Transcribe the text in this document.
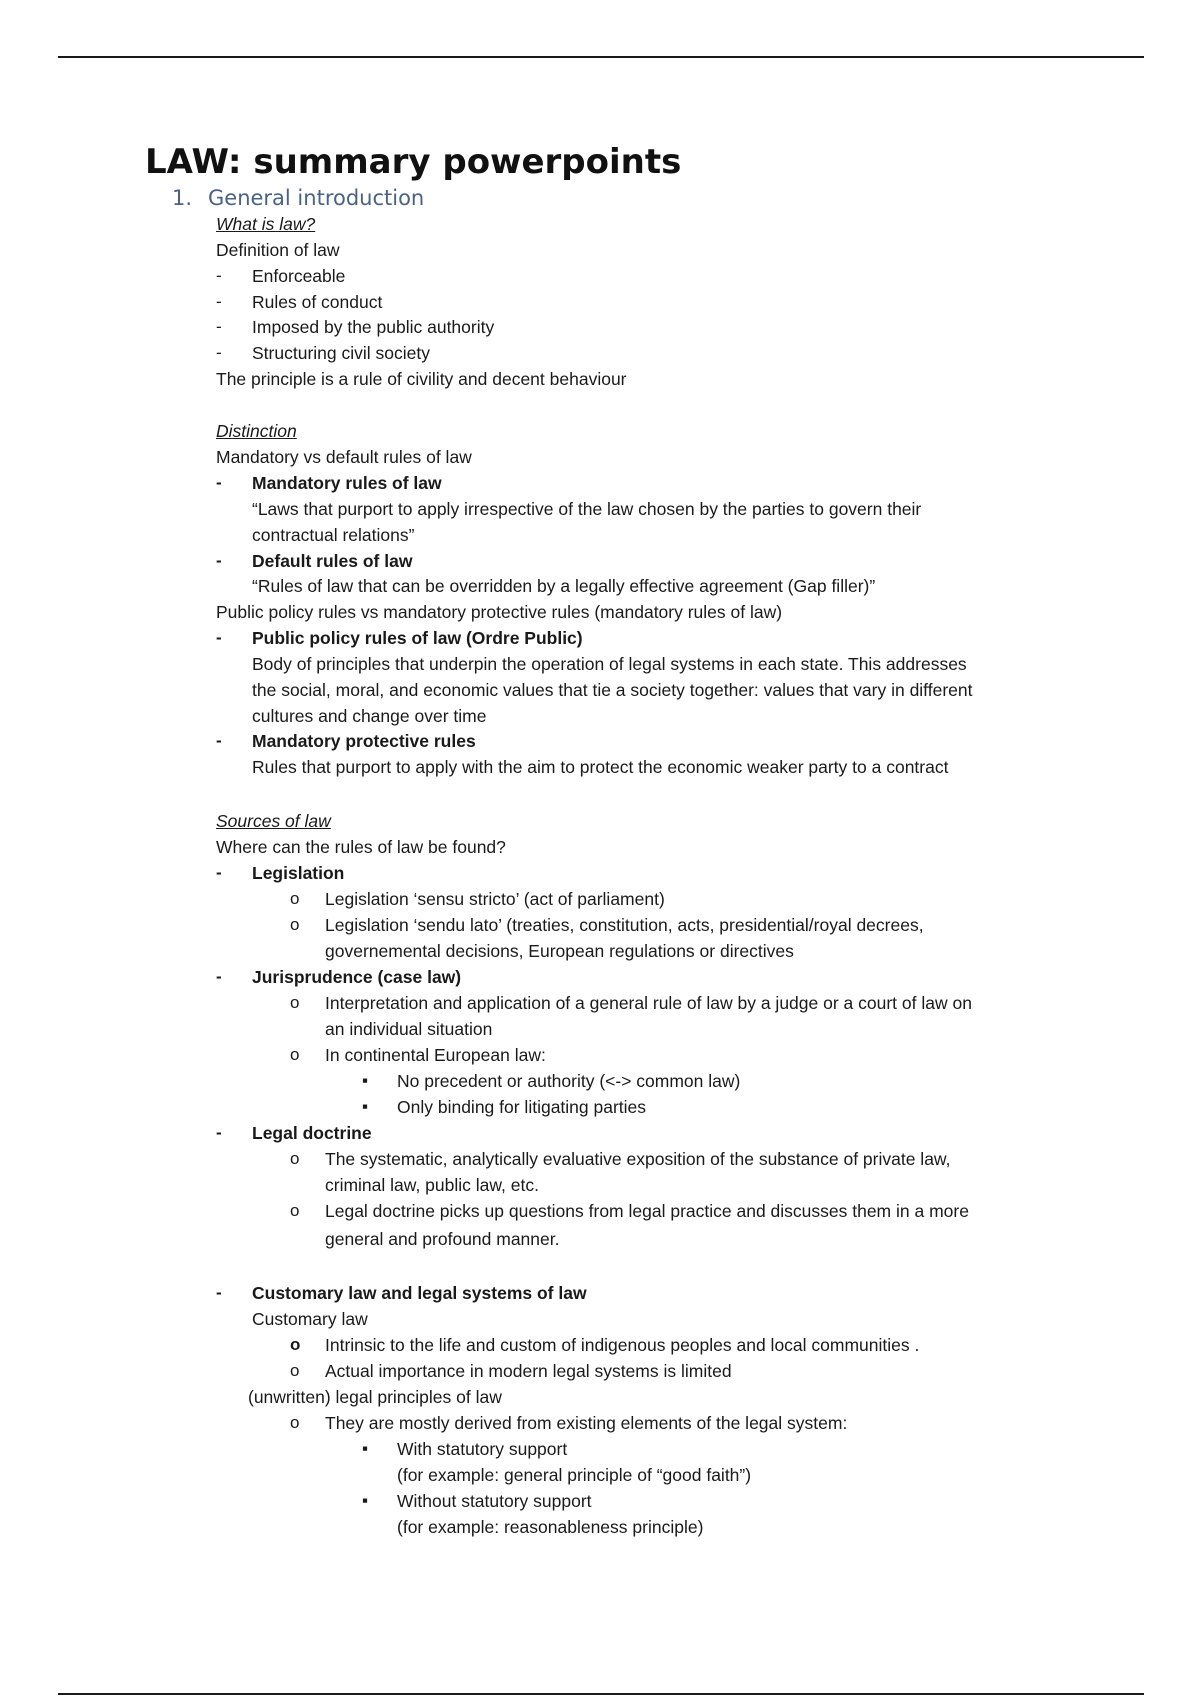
LAW: summary powerpoints
1. General introduction
What is law?
Definition of law
- Enforceable
- Rules of conduct
- Imposed by the public authority
- Structuring civil society
The principle is a rule of civility and decent behaviour
Distinction
Mandatory vs default rules of law
- Mandatory rules of law
“Laws that purport to apply irrespective of the law chosen by the parties to govern their
contractual relations”
- Default rules of law
“Rules of law that can be overridden by a legally effective agreement (Gap filler)”
Public policy rules vs mandatory protective rules (mandatory rules of law)
- Public policy rules of law (Ordre Public)
Body of principles that underpin the operation of legal systems in each state. This addresses
the social, moral, and economic values that tie a society together: values that vary in different
cultures and change over time
- Mandatory protective rules
Rules that purport to apply with the aim to protect the economic weaker party to a contract
Sources of law
Where can the rules of law be found?
- Legislation
o Legislation ‘sensu stricto’ (act of parliament)
o Legislation ‘sendu lato’ (treaties, constitution, acts, presidential/royal decrees,
governemental decisions, European regulations or directives
- Jurisprudence (case law)
o Interpretation and application of a general rule of law by a judge or a court of law on
an individual situation
o In continental European law:
▪ No precedent or authority (<-> common law)
▪ Only binding for litigating parties
- Legal doctrine
o The systematic, analytically evaluative exposition of the substance of private law,
criminal law, public law, etc.
o Legal doctrine picks up questions from legal practice and discusses them in a more
general and profound manner.
- Customary law and legal systems of law
Customary law
o Intrinsic to the life and custom of indigenous peoples and local communities .
o Actual importance in modern legal systems is limited
(unwritten) legal principles of law
o They are mostly derived from existing elements of the legal system:
▪ With statutory support
(for example: general principle of “good faith”)
▪ Without statutory support
(for example: reasonableness principle)
